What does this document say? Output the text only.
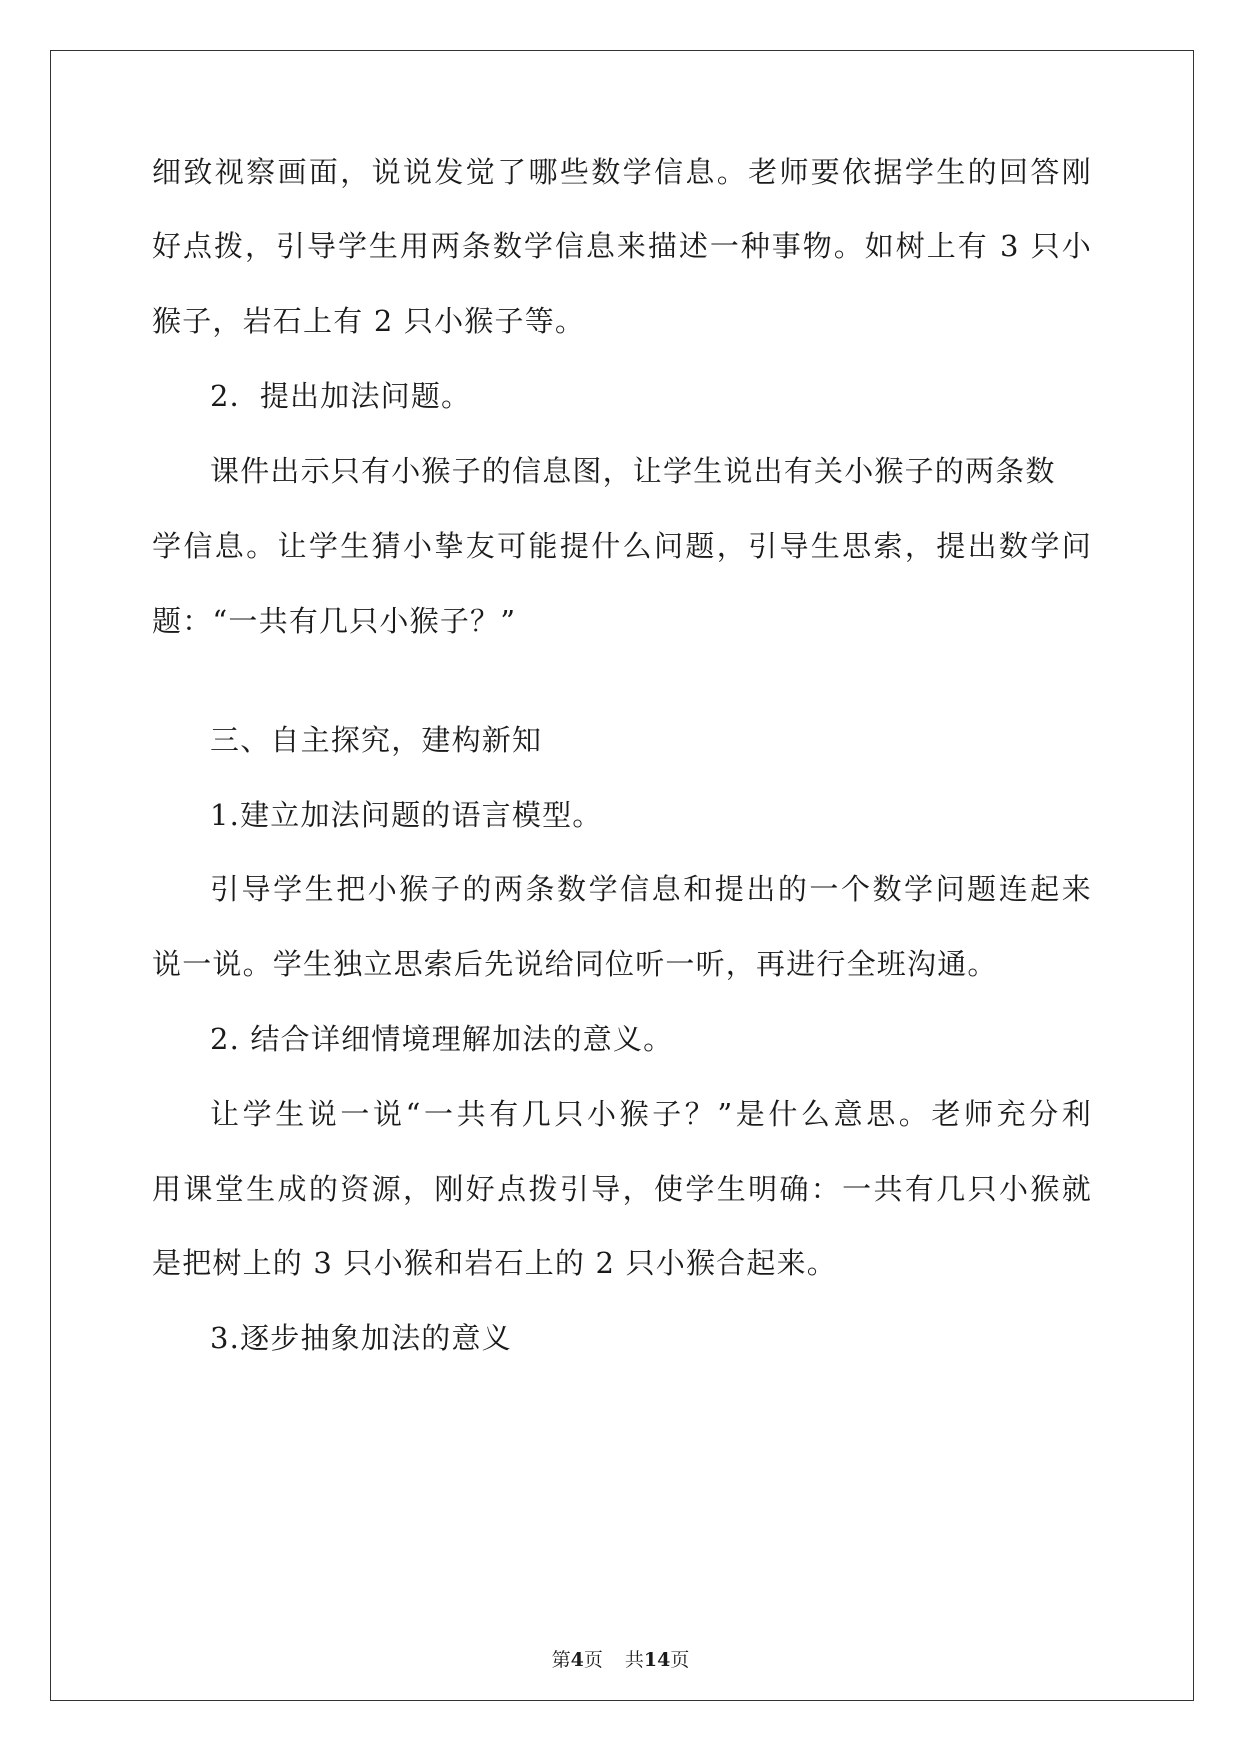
细致视察画面，说说发觉了哪些数学信息。老师要依据学生的回答刚
好点拨，引导学生用两条数学信息来描述一种事物。如树上有 3 只小
猴子，岩石上有 2 只小猴子等。
2．提出加法问题。
课件出示只有小猴子的信息图，让学生说出有关小猴子的两条数
学信息。让学生猜小挚友可能提什么问题，引导生思索，提出数学问
题：“一共有几只小猴子？”
三、自主探究，建构新知
1.建立加法问题的语言模型。
引导学生把小猴子的两条数学信息和提出的一个数学问题连起来
说一说。学生独立思索后先说给同位听一听，再进行全班沟通。
2. 结合详细情境理解加法的意义。
让学生说一说“一共有几只小猴子？”是什么意思。老师充分利
用课堂生成的资源，刚好点拨引导，使学生明确：一共有几只小猴就
是把树上的 3 只小猴和岩石上的 2 只小猴合起来。
3.逐步抽象加法的意义
第4页 共14页
